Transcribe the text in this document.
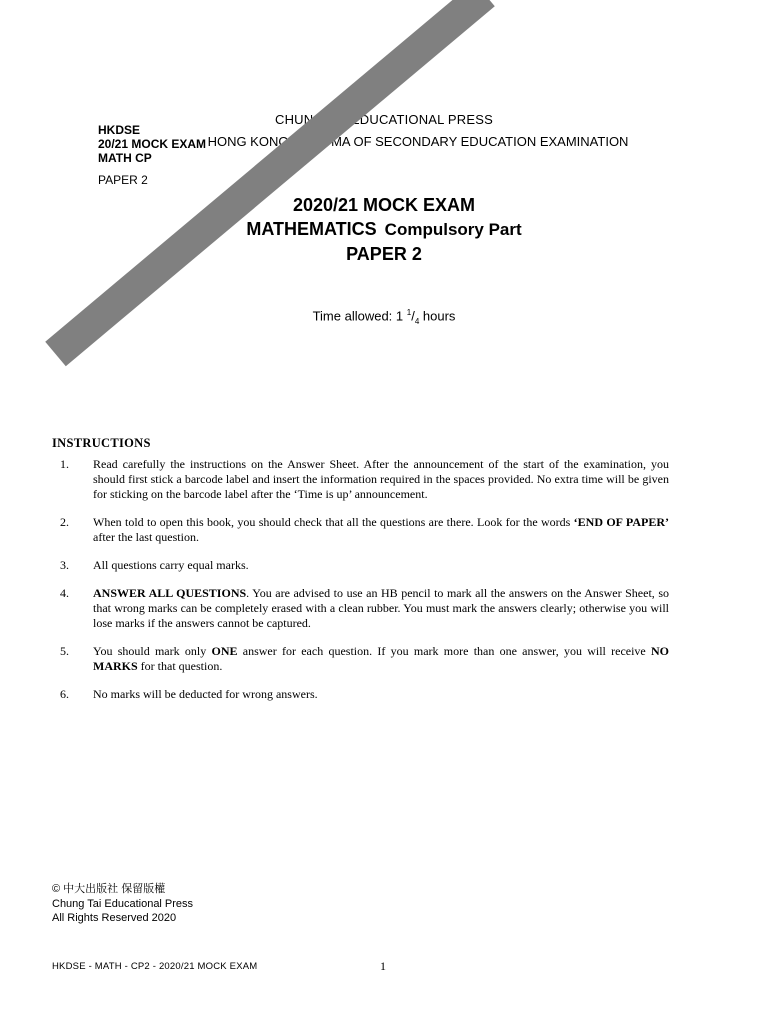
CHUNG TAI EDUCATIONAL PRESS
HONG KONG DIPLOMA OF SECONDARY EDUCATION EXAMINATION
MC
HKDSE
20/21 MOCK EXAM
MATH CP
PAPER 2
2020/21 MOCK EXAM
MATHEMATICS Compulsory Part
PAPER 2
Time allowed: 1 $^1/_4$ hours
INSTRUCTIONS
1.	Read carefully the instructions on the Answer Sheet. After the announcement of the start of the examination, you should first stick a barcode label and insert the information required in the spaces provided. No extra time will be given for sticking on the barcode label after the ‘Time is up’ announcement.
2.	When told to open this book, you should check that all the questions are there. Look for the words ‘END OF PAPER’ after the last question.
3.	All questions carry equal marks.
4.	ANSWER ALL QUESTIONS. You are advised to use an HB pencil to mark all the answers on the Answer Sheet, so that wrong marks can be completely erased with a clean rubber. You must mark the answers clearly; otherwise you will lose marks if the answers cannot be captured.
5.	You should mark only ONE answer for each question. If you mark more than one answer, you will receive NO MARKS for that question.
6.	No marks will be deducted for wrong answers.
© 中大出版社 保留版權
Chung Tai Educational Press
All Rights Reserved 2020
HKDSE - MATH - CP2 - 2020/21 MOCK EXAM	1
